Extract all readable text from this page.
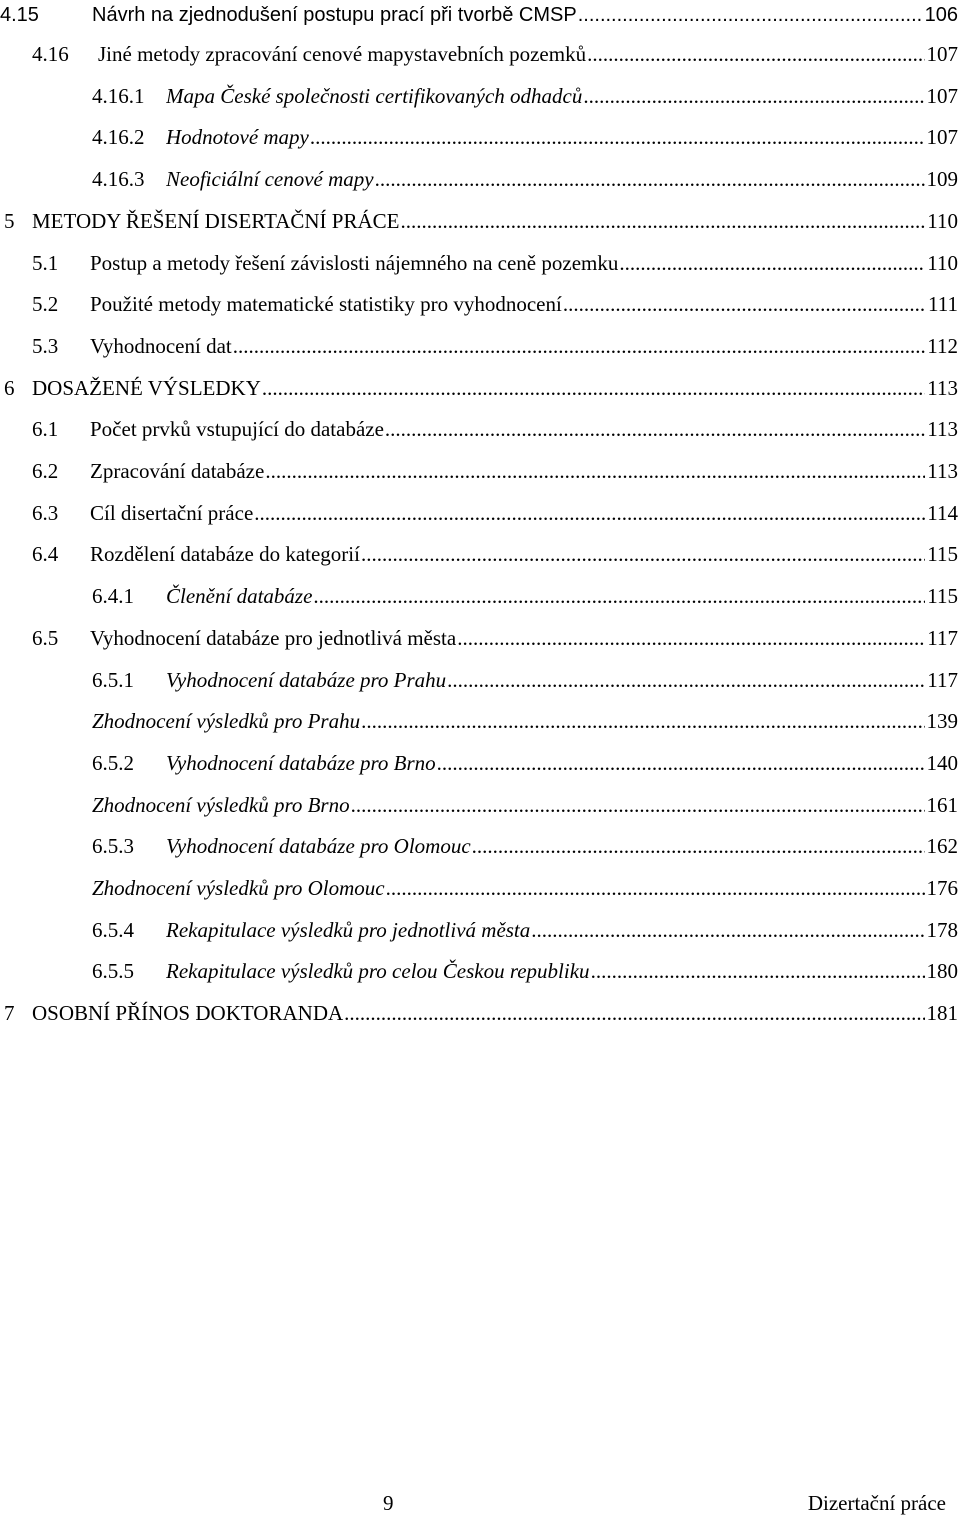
4.15	Návrh na zjednodušení postupu prací při tvorbě CMSP .....	106
4.16 Jiné metody zpracování cenové mapystavebních pozemků .....	107
4.16.1 Mapa České společnosti certifikovaných odhadců .....	107
4.16.2 Hodnotové mapy .....	107
4.16.3 Neoficiální cenové mapy .....	109
5 METODY ŘEŠENÍ DISERTAČNÍ PRÁCE .....	110
5.1 Postup a metody řešení závislosti nájemného na ceně pozemku .....	110
5.2 Použité metody matematické statistiky pro vyhodnocení .....	111
5.3 Vyhodnocení dat .....	112
6 DOSAŽENÉ VÝSLEDKY .....	113
6.1 Počet prvků vstupující do databáze .....	113
6.2 Zpracování databáze .....	113
6.3 Cíl disertační práce .....	114
6.4 Rozdělení databáze do kategorií .....	115
6.4.1 Členění databáze .....	115
6.5 Vyhodnocení databáze pro jednotlivá města .....	117
6.5.1 Vyhodnocení databáze pro Prahu .....	117
Zhodnocení výsledků pro Prahu .....	139
6.5.2 Vyhodnocení databáze pro Brno .....	140
Zhodnocení výsledků pro Brno .....	161
6.5.3 Vyhodnocení databáze pro Olomouc .....	162
Zhodnocení výsledků pro Olomouc .....	176
6.5.4 Rekapitulace výsledků pro jednotlivá města .....	178
6.5.5 Rekapitulace výsledků pro celou Českou republiku .....	180
7 OSOBNÍ PŘÍNOS DOKTORANDA .....	181
9	Dizertační práce
